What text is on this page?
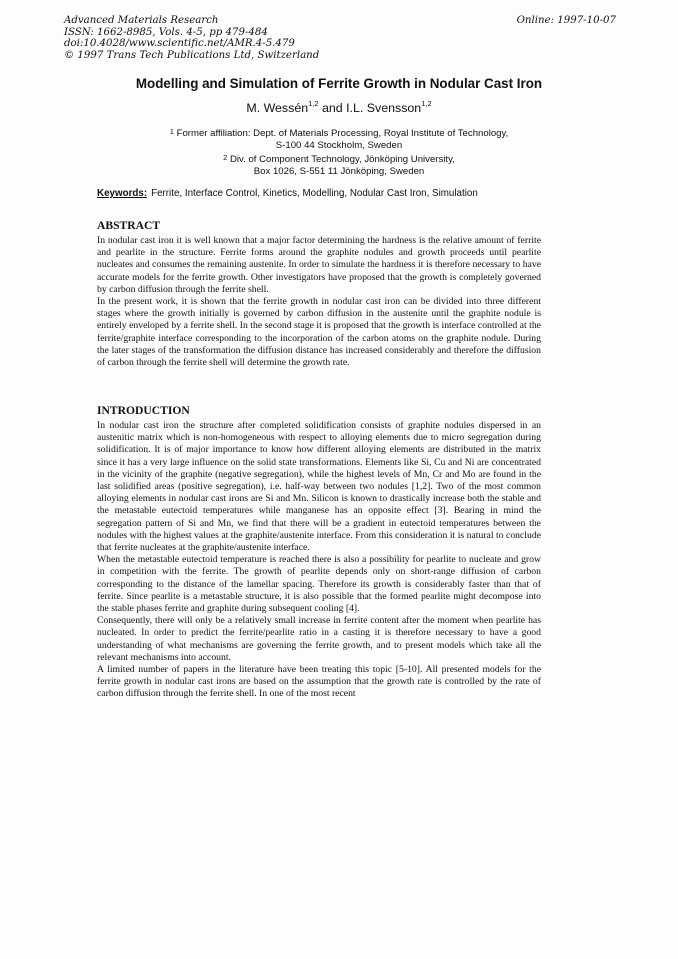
Advanced Materials Research
ISSN: 1662-8985, Vols. 4-5, pp 479-484
doi:10.4028/www.scientific.net/AMR.4-5.479
© 1997 Trans Tech Publications Ltd, Switzerland
Online: 1997-10-07
Modelling and Simulation of Ferrite Growth in Nodular Cast Iron
M. Wessén$^{1,2}$ and I.L. Svensson$^{1,2}$
$^1$ Former affiliation: Dept. of Materials Processing, Royal Institute of Technology,
S-100 44 Stockholm, Sweden
$^2$ Div. of Component Technology, Jönköping University,
Box 1026, S-551 11 Jönköping, Sweden
Keywords: Ferrite, Interface Control, Kinetics, Modelling, Nodular Cast Iron, Simulation
ABSTRACT

In nodular cast iron it is well known that a major factor determining the hardness is the relative amount of ferrite and pearlite in the structure. Ferrite forms around the graphite nodules and growth proceeds until pearlite nucleates and consumes the remaining austenite. In order to simulate the hardness it is therefore necessary to have accurate models for the ferrite growth. Other investigators have proposed that the growth is completely governed by carbon diffusion through the ferrite shell.

In the present work, it is shown that the ferrite growth in nodular cast iron can be divided into three different stages where the growth initially is governed by carbon diffusion in the austenite until the graphite nodule is entirely enveloped by a ferrite shell. In the second stage it is proposed that the growth is interface controlled at the ferrite/graphite interface corresponding to the incorporation of the carbon atoms on the graphite nodule. During the later stages of the transformation the diffusion distance has increased considerably and therefore the diffusion of carbon through the ferrite shell will determine the growth rate.

INTRODUCTION

In nodular cast iron the structure after completed solidification consists of graphite nodules dispersed in an austenitic matrix which is non-homogeneous with respect to alloying elements due to micro segregation during solidification. It is of major importance to know how different alloying elements are distributed in the matrix since it has a very large influence on the solid state transformations. Elements like Si, Cu and Ni are concentrated in the vicinity of the graphite (negative segregation), while the highest levels of Mn, Cr and Mo are found in the last solidified areas (positive segregation), i.e. half-way between two nodules [1,2]. Two of the most common alloying elements in nodular cast irons are Si and Mn. Silicon is known to drastically increase both the stable and the metastable eutectoid temperatures while manganese has an opposite effect [3]. Bearing in mind the segregation pattern of Si and Mn, we find that there will be a gradient in eutectoid temperatures between the nodules with the highest values at the graphite/austenite interface. From this consideration it is natural to conclude that ferrite nucleates at the graphite/austenite interface.

When the metastable eutectoid temperature is reached there is also a possibility for pearlite to nucleate and grow in competition with the ferrite. The growth of pearlite depends only on short-range diffusion of carbon corresponding to the distance of the lamellar spacing. Therefore its growth is considerably faster than that of ferrite. Since pearlite is a metastable structure, it is also possible that the formed pearlite might decompose into the stable phases ferrite and graphite during subsequent cooling [4].

Consequently, there will only be a relatively small increase in ferrite content after the moment when pearlite has nucleated. In order to predict the ferrite/pearlite ratio in a casting it is therefore necessary to have a good understanding of what mechanisms are governing the ferrite growth, and to present models which take all the relevant mechanisms into account.

A limited number of papers in the literature have been treating this topic [5-10]. All presented models for the ferrite growth in nodular cast irons are based on the assumption that the growth rate is controlled by the rate of carbon diffusion through the ferrite shell. In one of the most recent
